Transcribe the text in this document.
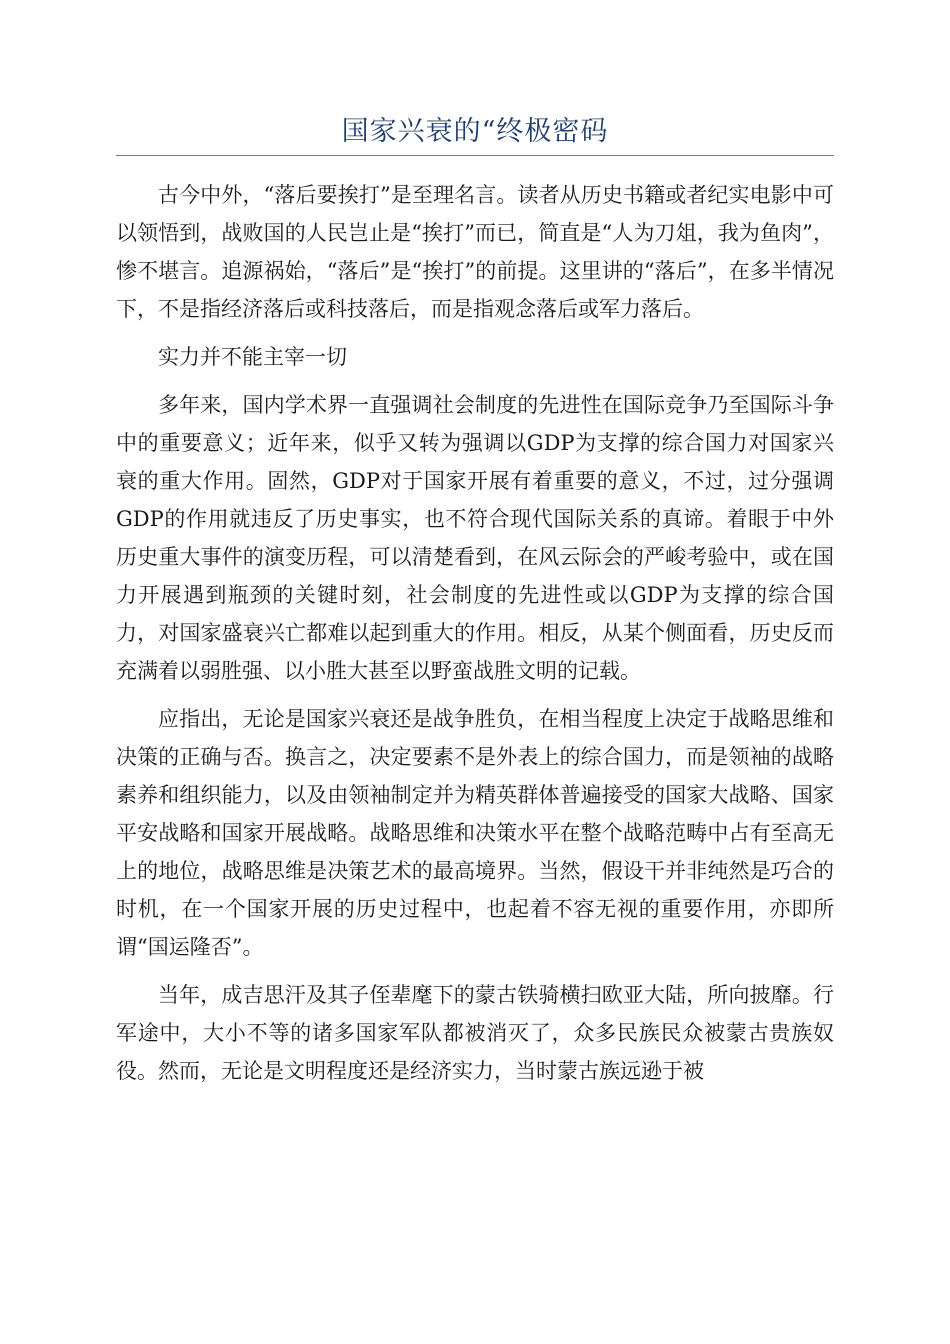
国家兴衰的“终极密码

古今中外，“落后要挨打”是至理名言。读者从历史书籍或者纪实电影中可以领悟到，战败国的人民岂止是“挨打”而已，简直是“人为刀俎，我为鱼肉”，惨不堪言。追源祸始，“落后”是“挨打”的前提。这里讲的“落后”，在多半情况下，不是指经济落后或科技落后，而是指观念落后或军力落后。

实力并不能主宰一切

多年来，国内学术界一直强调社会制度的先进性在国际竞争乃至国际斗争中的重要意义；近年来，似乎又转为强调以GDP为支撑的综合国力对国家兴衰的重大作用。固然，GDP对于国家开展有着重要的意义，不过，过分强调GDP的作用就违反了历史事实，也不符合现代国际关系的真谛。着眼于中外历史重大事件的演变历程，可以清楚看到，在风云际会的严峻考验中，或在国力开展遇到瓶颈的关键时刻，社会制度的先进性或以GDP为支撑的综合国力，对国家盛衰兴亡都难以起到重大的作用。相反，从某个侧面看，历史反而充满着以弱胜强、以小胜大甚至以野蛮战胜文明的记载。

应指出，无论是国家兴衰还是战争胜负，在相当程度上决定于战略思维和决策的正确与否。换言之，决定要素不是外表上的综合国力，而是领袖的战略素养和组织能力，以及由领袖制定并为精英群体普遍接受的国家大战略、国家平安战略和国家开展战略。战略思维和决策水平在整个战略范畴中占有至高无上的地位，战略思维是决策艺术的最高境界。当然，假设干并非纯然是巧合的时机，在一个国家开展的历史过程中，也起着不容无视的重要作用，亦即所谓“国运隆否”。

当年，成吉思汗及其子侄辈麾下的蒙古铁骑横扫欧亚大陆，所向披靡。行军途中，大小不等的诸多国家军队都被消灭了，众多民族民众被蒙古贵族奴役。然而，无论是文明程度还是经济实力，当时蒙古族远逊于被
